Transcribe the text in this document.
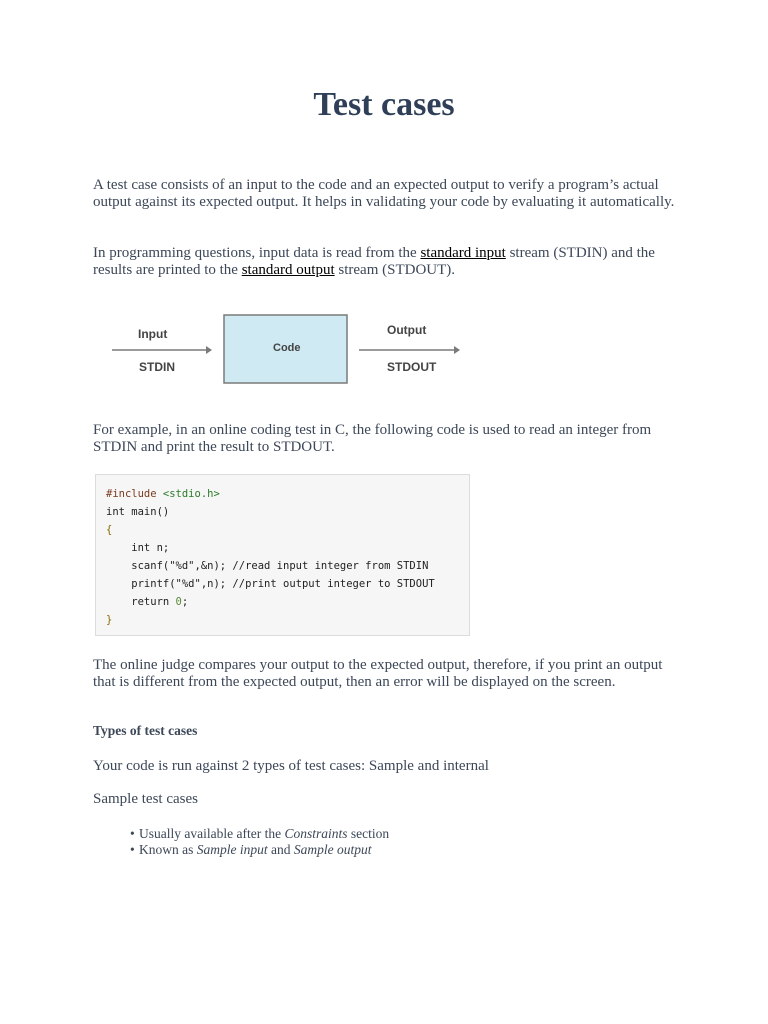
Test cases

A test case consists of an input to the code and an expected output to verify a program’s actual output against its expected output. It helps in validating your code by evaluating it automatically.

In programming questions, input data is read from the standard input stream (STDIN) and the results are printed to the standard output stream (STDOUT).

Input
STDIN
Code
Output
STDOUT

For example, in an online coding test in C, the following code is used to read an integer from STDIN and print the result to STDOUT.

#include <stdio.h>
int main()
{
int n;
scanf("%d",&n); //read input integer from STDIN
printf("%d",n); //print output integer to STDOUT
return 0;
}

The online judge compares your output to the expected output, therefore, if you print an output that is different from the expected output, then an error will be displayed on the screen.

Types of test cases

Your code is run against 2 types of test cases: Sample and internal

Sample test cases

• Usually available after the Constraints section
• Known as Sample input and Sample output
